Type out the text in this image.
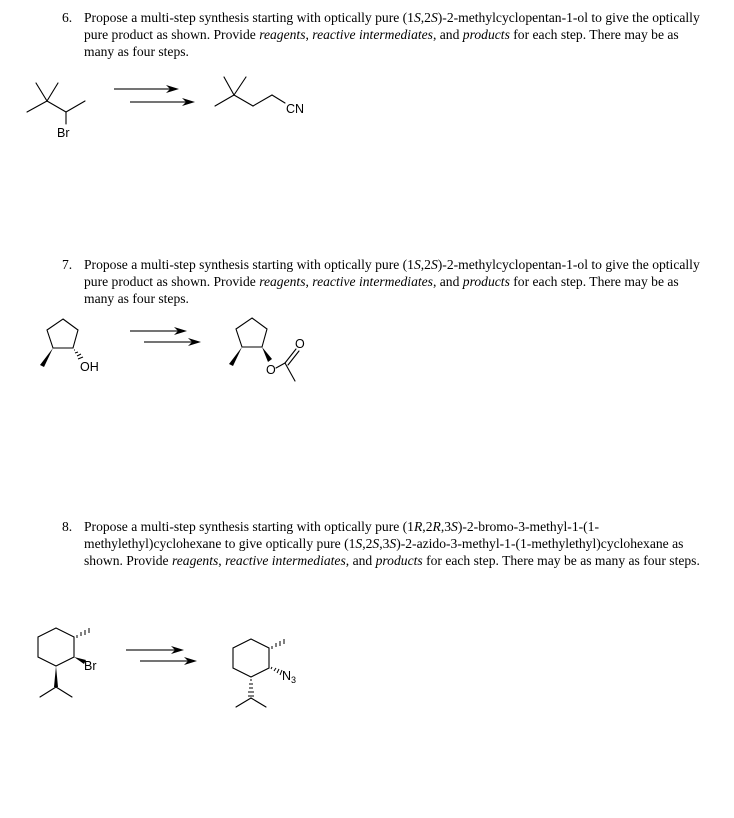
6. Propose a multi-step synthesis starting with optically pure (1S,2S)-2-methylcyclopentan-1-ol to give the optically pure product as shown. Provide reagents, reactive intermediates, and products for each step. There may be as many as four steps.
Br
CN
7. Propose a multi-step synthesis starting with optically pure (1S,2S)-2-methylcyclopentan-1-ol to give the optically pure product as shown. Provide reagents, reactive intermediates, and products for each step. There may be as many as four steps.
OH	O
O
8. Propose a multi-step synthesis starting with optically pure (1R,2R,3S)-2-bromo-3-methyl-1-(1-methylethyl)cyclohexane to give optically pure (1S,2S,3S)-2-azido-3-methyl-1-(1-methylethyl)cyclohexane as shown. Provide reagents, reactive intermediates, and products for each step. There may be as many as four steps.
Br
$N_3$
